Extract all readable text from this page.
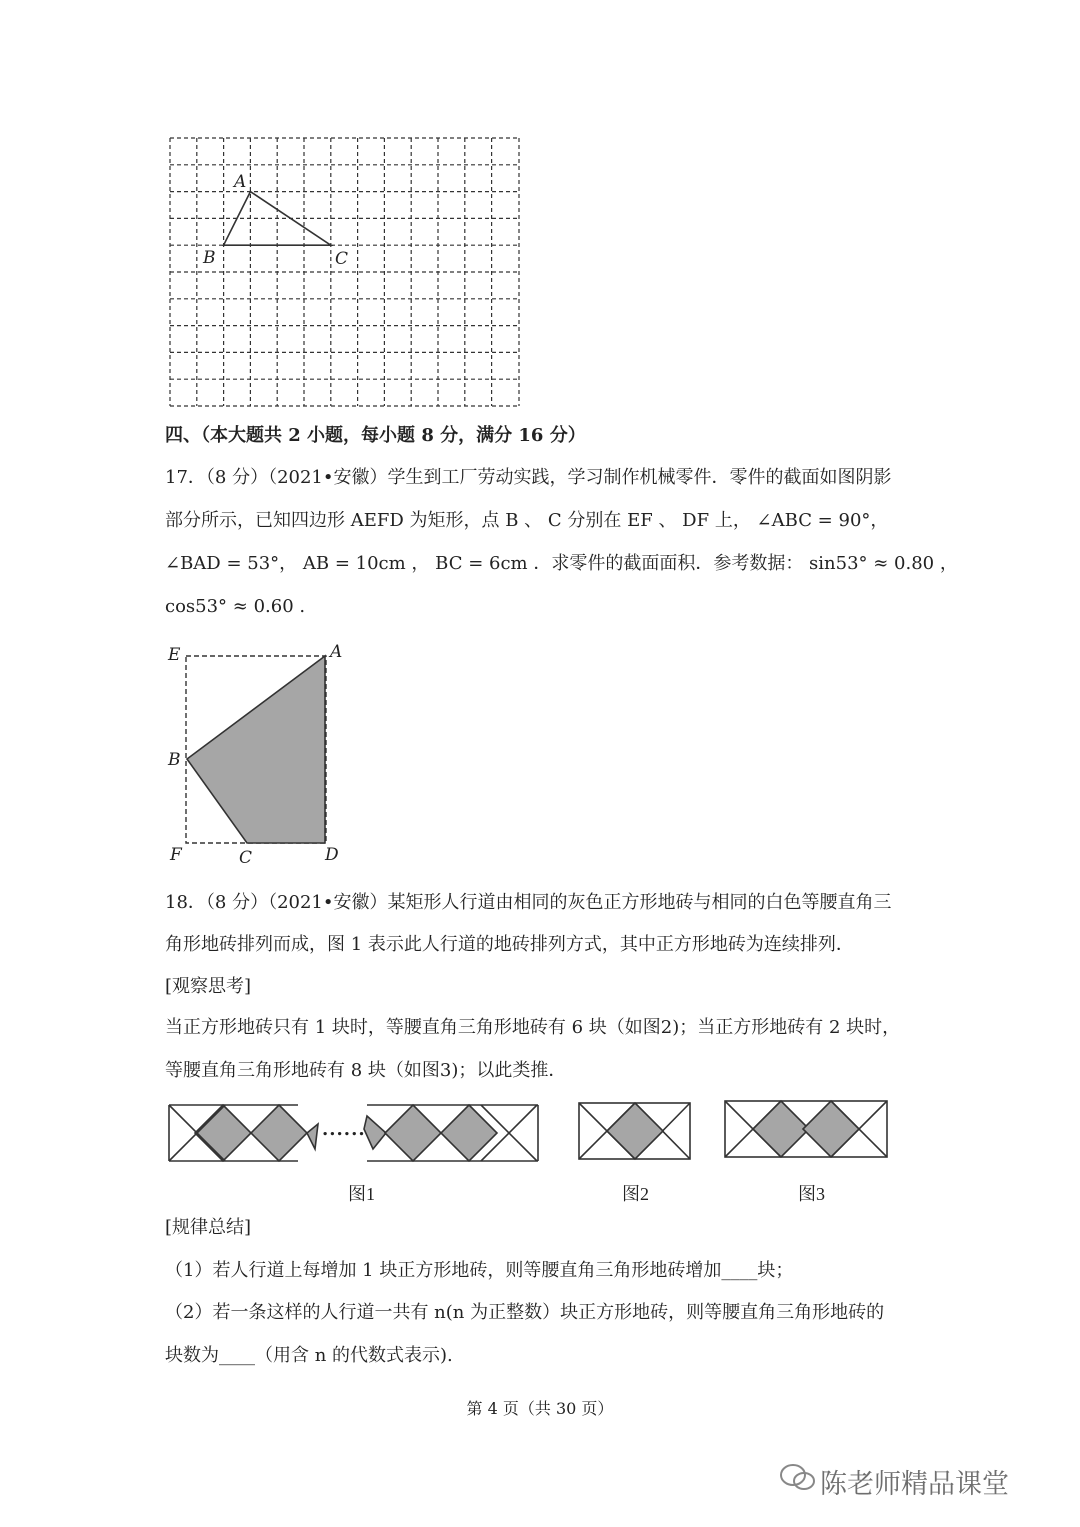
A
B	C
四、（本大题共 2 小题，每小题 8 分，满分 16 分）
17．（8 分）（2021•安徽）学生到工厂劳动实践，学习制作机械零件．零件的截面如图阴影
部分所示，已知四边形 AEFD 为矩形，点 B 、 C 分别在 EF 、 DF 上， ∠ABC = 90°，
∠BAD = 53°， AB = 10cm ， BC = 6cm ．求零件的截面面积．参考数据： sin53° ≈ 0.80 ，
cos53° ≈ 0.60 .
E	A
B
F	C	D
18．（8 分）（2021•安徽）某矩形人行道由相同的灰色正方形地砖与相同的白色等腰直角三
角形地砖排列而成，图 1 表示此人行道的地砖排列方式，其中正方形地砖为连续排列．
[观察思考]
当正方形地砖只有 1 块时，等腰直角三角形地砖有 6 块（如图2)；当正方形地砖有 2 块时，
等腰直角三角形地砖有 8 块（如图3)；以此类推．
......
图1	图2	图3
[规律总结]
（1）若人行道上每增加 1 块正方形地砖，则等腰直角三角形地砖增加____块；
（2）若一条这样的人行道一共有 n(n 为正整数）块正方形地砖，则等腰直角三角形地砖的
块数为____（用含 n 的代数式表示).
第 4 页（共 30 页）
陈老师精品课堂
